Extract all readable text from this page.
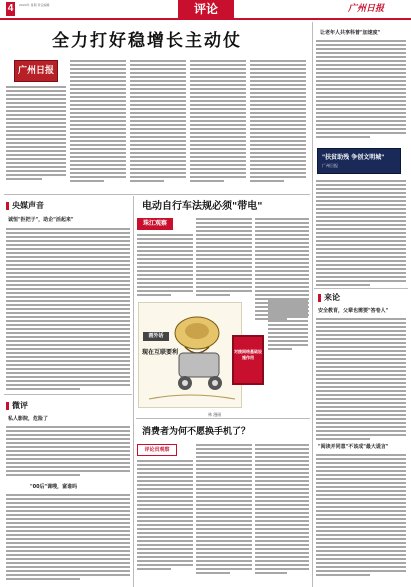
4	2024年 星期 责任编辑	评论	广州日报
全力打好稳增长主动仗
广州日报
让老年人共享科普"加速度"
"扶贫助残 争创文明城"
广州日报
央媒声音
诚恒"拒把子"，助企"活起来"
微评
私人影院，危险了
"00后"课嗖，富谁吗
电动自行车法规必须"带电"
珠江观察
画外话
现在互联要利	对接网络基础设施作用
林 漫画
消费者为何不愿换手机了？
评论员观察
来论
安全教育，父辈也需要"答卷人"
"阅读并同意"不该成"最大谎言"
